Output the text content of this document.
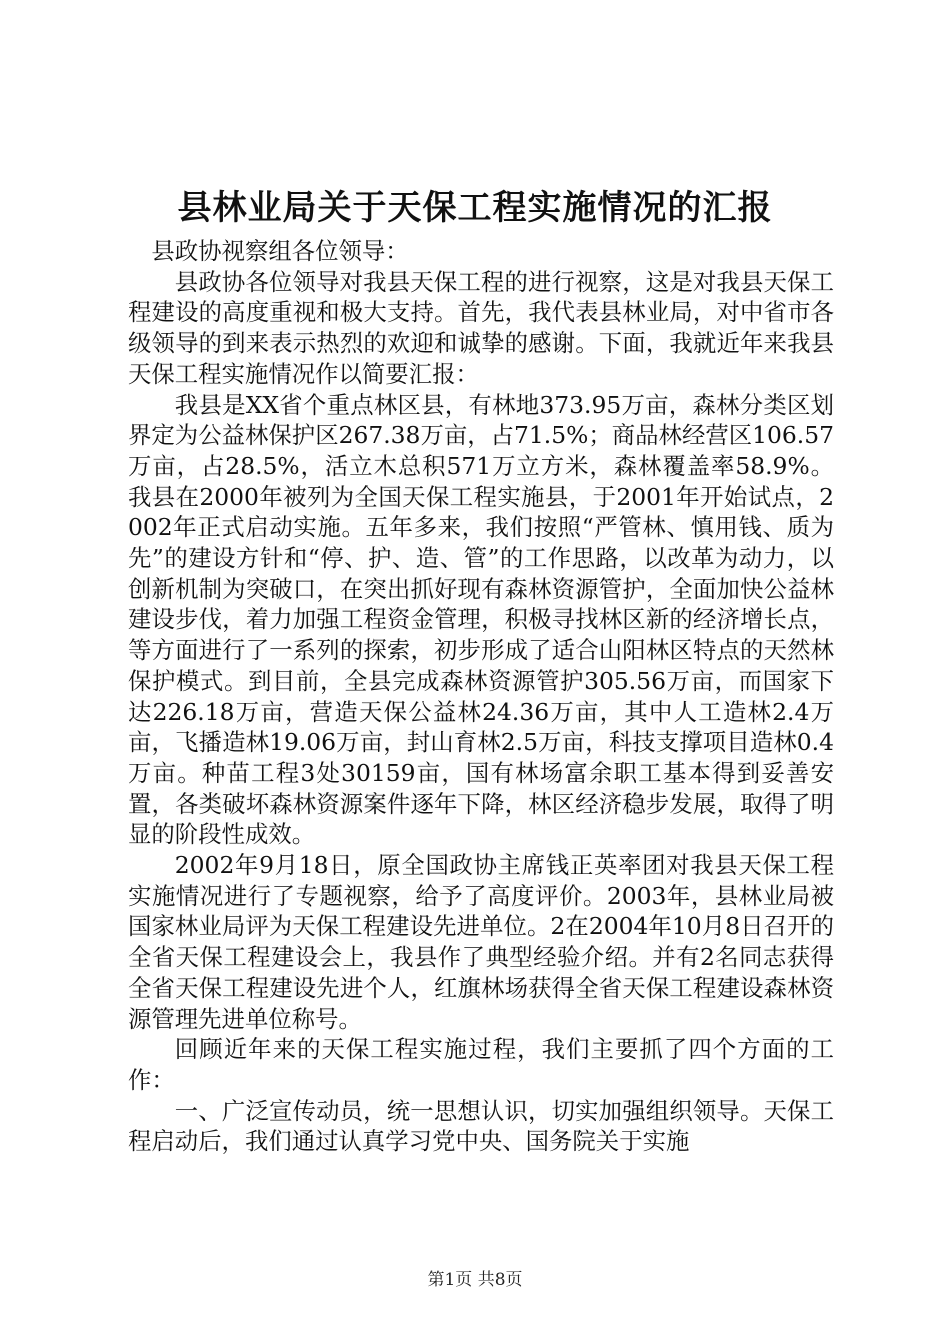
县林业局关于天保工程实施情况的汇报

县政协视察组各位领导：

县政协各位领导对我县天保工程的进行视察，这是对我县天保工程建设的高度重视和极大支持。首先，我代表县林业局，对中省市各级领导的到来表示热烈的欢迎和诚挚的感谢。下面，我就近年来我县天保工程实施情况作以简要汇报：

我县是XX省个重点林区县，有林地373.95万亩，森林分类区划界定为公益林保护区267.38万亩，占71.5%；商品林经营区106.57万亩，占28.5%，活立木总积571万立方米，森林覆盖率58.9%。我县在2000年被列为全国天保工程实施县，于2001年开始试点，2002年正式启动实施。五年多来，我们按照“严管林、慎用钱、质为先”的建设方针和“停、护、造、管”的工作思路，以改革为动力，以创新机制为突破口，在突出抓好现有森林资源管护，全面加快公益林建设步伐，着力加强工程资金管理，积极寻找林区新的经济增长点，等方面进行了一系列的探索，初步形成了适合山阳林区特点的天然林保护模式。到目前，全县完成森林资源管护305.56万亩，而国家下达226.18万亩，营造天保公益林24.36万亩，其中人工造林2.4万亩，飞播造林19.06万亩，封山育林2.5万亩，科技支撑项目造林0.4万亩。种苗工程3处30159亩，国有林场富余职工基本得到妥善安置，各类破坏森林资源案件逐年下降，林区经济稳步发展，取得了明显的阶段性成效。

2002年9月18日，原全国政协主席钱正英率团对我县天保工程实施情况进行了专题视察，给予了高度评价。2003年，县林业局被国家林业局评为天保工程建设先进单位。2在2004年10月8日召开的全省天保工程建设会上，我县作了典型经验介绍。并有2名同志获得全省天保工程建设先进个人，红旗林场获得全省天保工程建设森林资源管理先进单位称号。

回顾近年来的天保工程实施过程，我们主要抓了四个方面的工作：

一、广泛宣传动员，统一思想认识，切实加强组织领导。天保工程启动后，我们通过认真学习党中央、国务院关于实施

第1页 共8页
